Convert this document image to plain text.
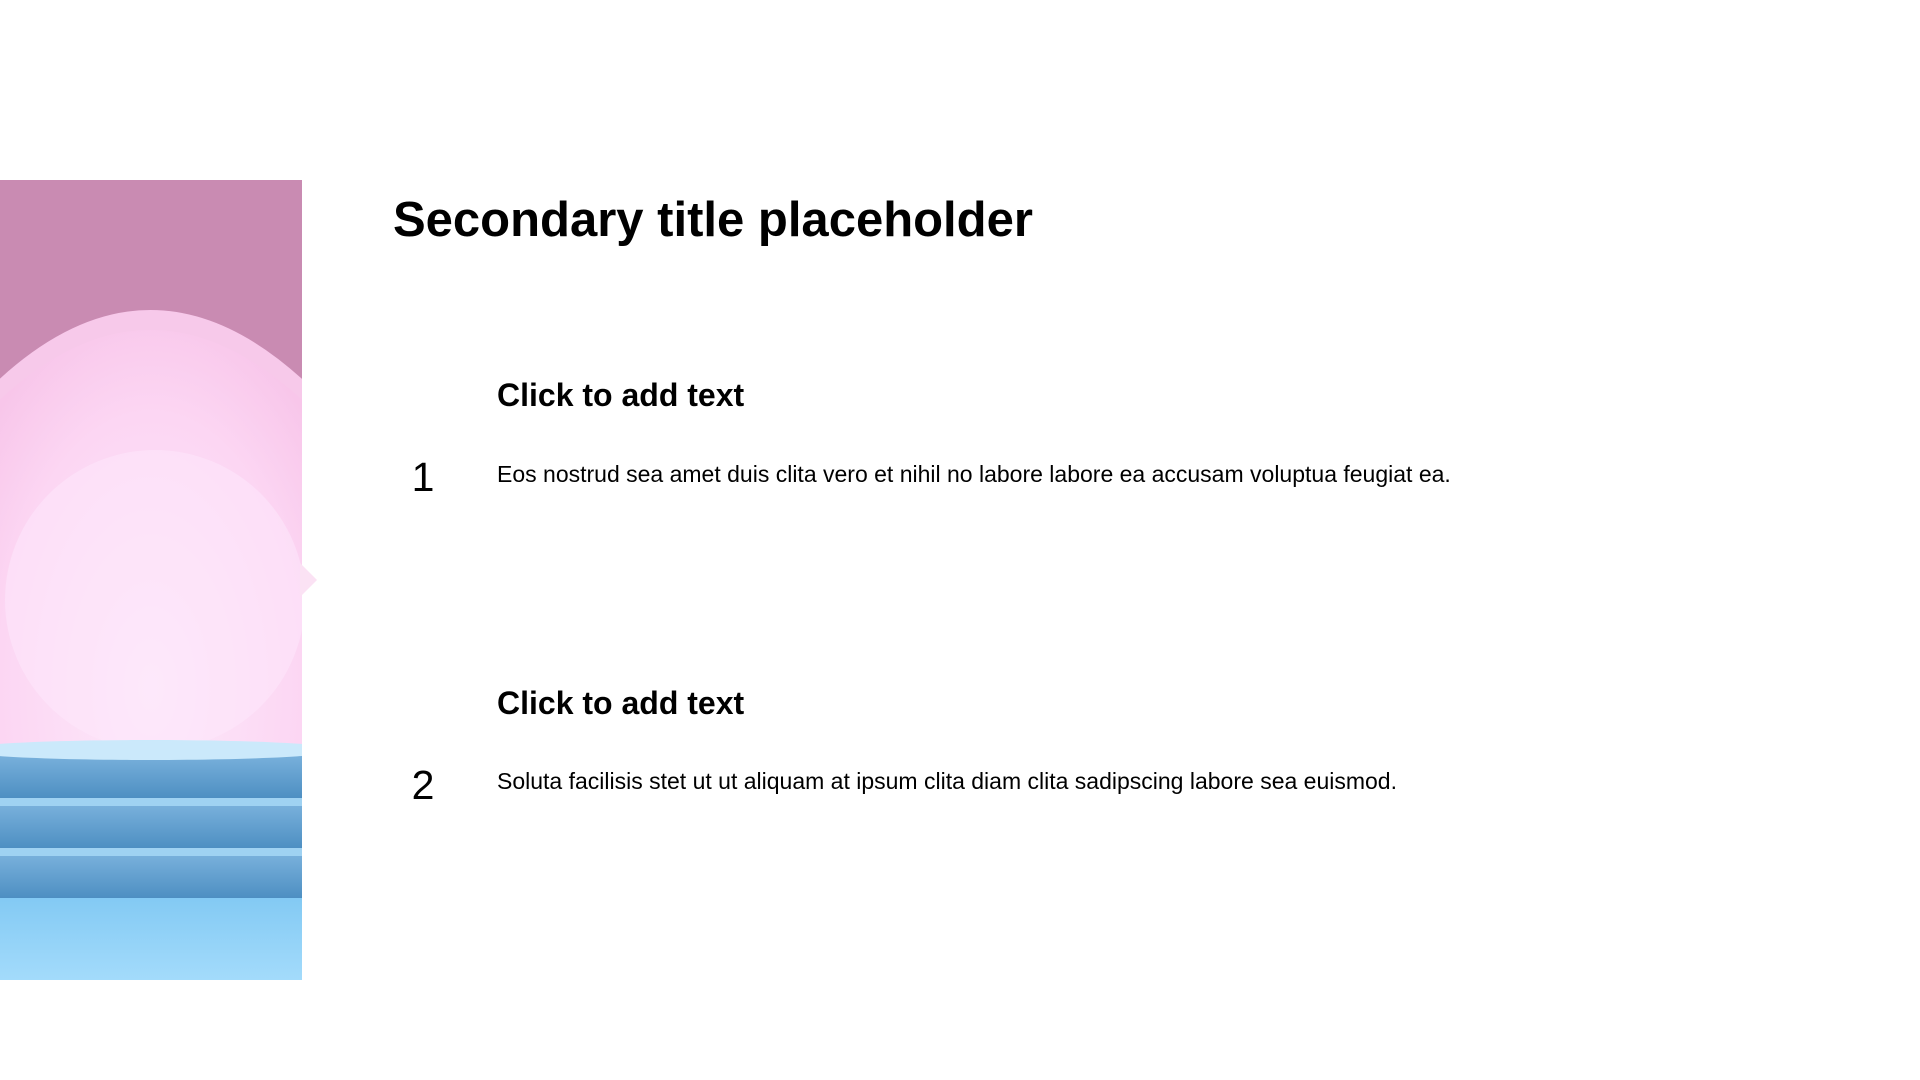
Secondary title placeholder
1
Click to add text

Eos nostrud sea amet duis clita vero et nihil no labore labore ea accusam voluptua feugiat ea.

2
Click to add text

Soluta facilisis stet ut ut aliquam at ipsum clita diam clita sadipscing labore sea euismod.
